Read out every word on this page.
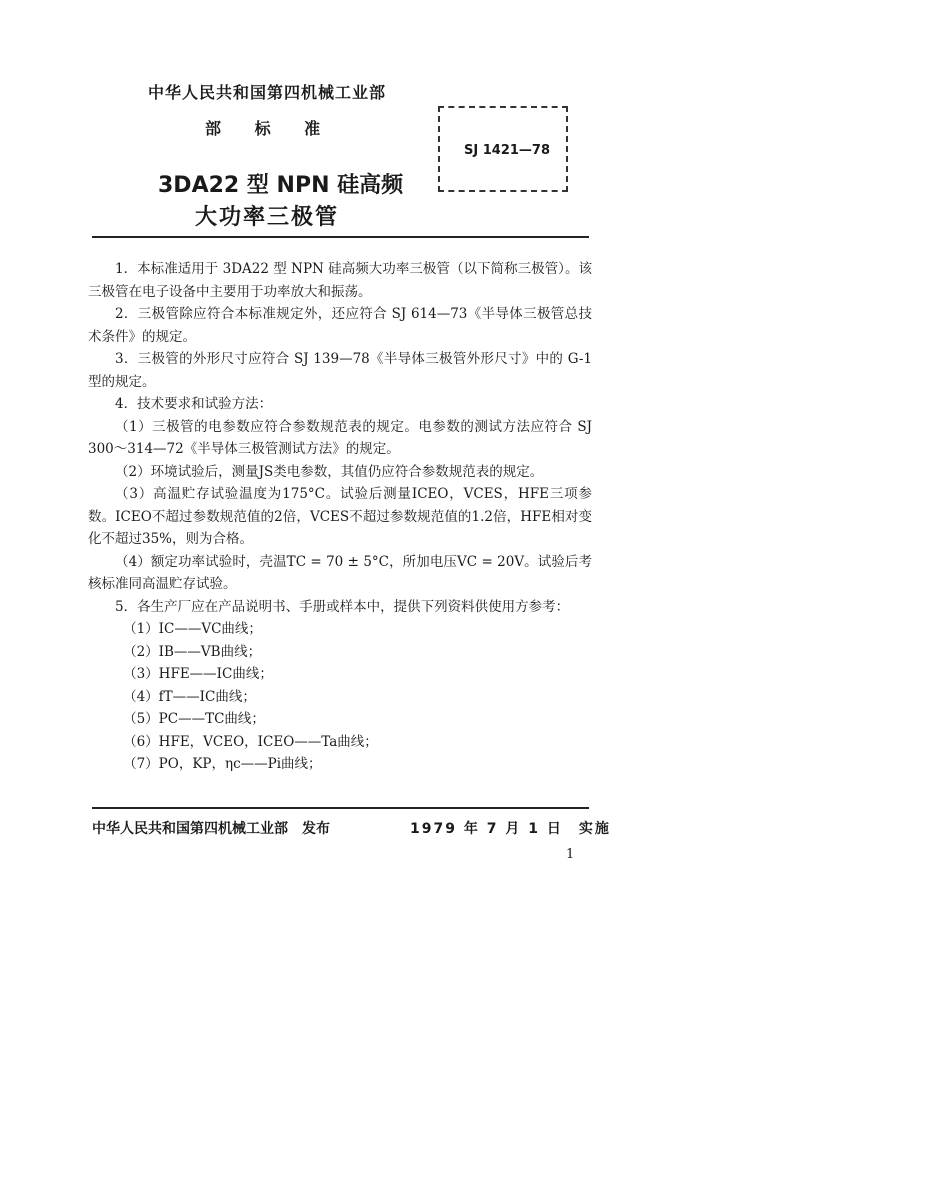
中华人民共和国第四机械工业部
部 标 准
3DA22 型 NPN 硅高频
大功率三极管
SJ 1421—78

1．本标准适用于 3DA22 型 NPN 硅高频大功率三极管（以下简称三极管）。该三极管在电子设备中主要用于功率放大和振荡。

2．三极管除应符合本标准规定外，还应符合 SJ 614—73《半导体三极管总技术条件》的规定。

3．三极管的外形尺寸应符合 SJ 139—78《半导体三极管外形尺寸》中的 G-1型的规定。

4．技术要求和试验方法：

（1）三极管的电参数应符合参数规范表的规定。电参数的测试方法应符合 SJ 300～314—72《半导体三极管测试方法》的规定。

（2）环境试验后，测量JS类电参数，其值仍应符合参数规范表的规定。

（3）高温贮存试验温度为175°C。试验后测量ICEO，VCES，HFE三项参数。ICEO不超过参数规范值的2倍，VCES不超过参数规范值的1.2倍，HFE相对变化不超过35%，则为合格。

（4）额定功率试验时，壳温TC = 70 ± 5°C，所加电压VC = 20V。试验后考核标准同高温贮存试验。

5．各生产厂应在产品说明书、手册或样本中，提供下列资料供使用方参考：

（1）IC——VC曲线；

（2）IB——VB曲线；

（3）HFE——IC曲线；

（4）fT——IC曲线；

（5）PC——TC曲线；

（6）HFE，VCEO，ICEO——Ta曲线；

（7）PO，KP，ηc——Pi曲线；

中华人民共和国第四机械工业部　发布	1979 年 7 月 1 日　实施
1
